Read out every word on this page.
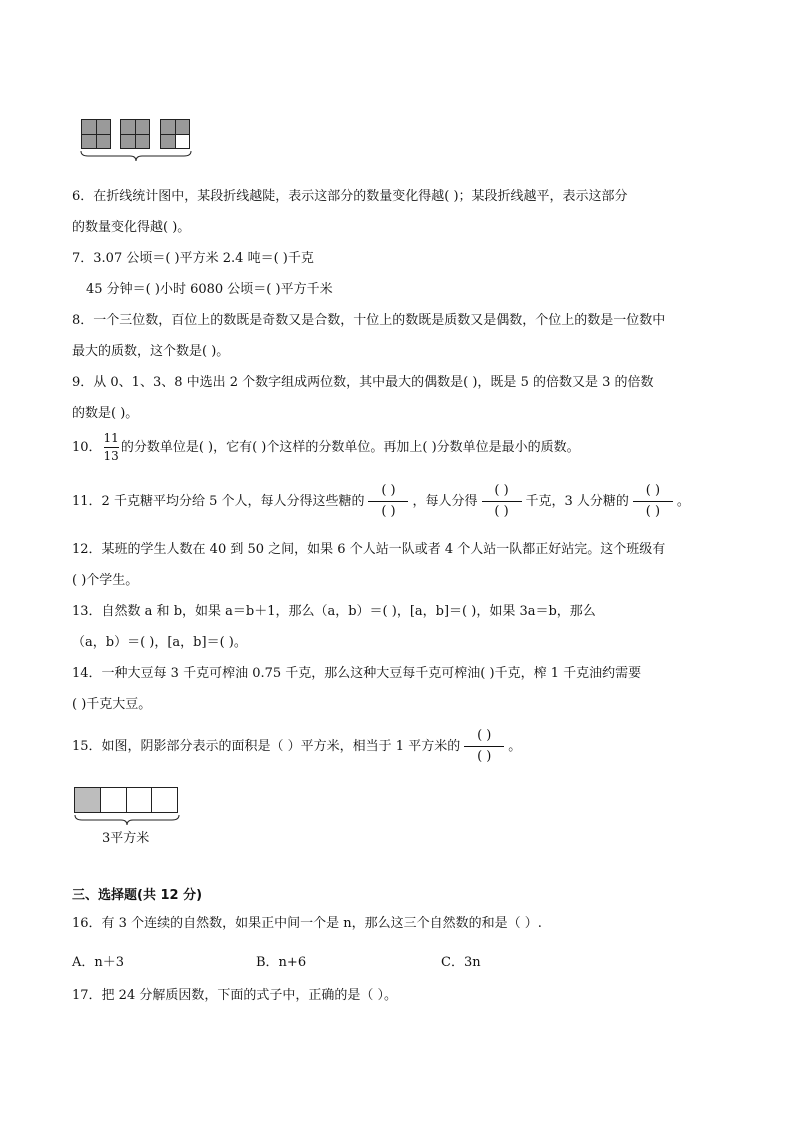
6．在折线统计图中，某段折线越陡，表示这部分的数量变化得越( )；某段折线越平，表示这部分
的数量变化得越( )。
7．3.07 公顷＝( )平方米 2.4 吨＝( )千克
45 分钟＝( )小时 6080 公顷＝( )平方千米
8．一个三位数，百位上的数既是奇数又是合数，十位上的数既是质数又是偶数，个位上的数是一位数中
最大的质数，这个数是( )。
9．从 0、1、3、8 中选出 2 个数字组成两位数，其中最大的偶数是( )，既是 5 的倍数又是 3 的倍数
的数是( )。
10． $\frac{11}{13}$ 的分数单位是( )，它有( )个这样的分数单位。再加上( )分数单位是最小的质数。
11．2 千克糖平均分给 5 个人，每人分得这些糖的 $\frac{( )}{( )}$ ，每人分得 $\frac{( )}{( )}$ 千克，3 人分糖的 $\frac{( )}{( )}$ 。
12．某班的学生人数在 40 到 50 之间，如果 6 个人站一队或者 4 个人站一队都正好站完。这个班级有
( )个学生。
13．自然数 a 和 b，如果 a＝b＋1，那么（a，b）＝( )，[a，b]＝( )，如果 3a＝b，那么
（a，b）＝( )，[a，b]＝( )。
14．一种大豆每 3 千克可榨油 0.75 千克，那么这种大豆每千克可榨油( )千克，榨 1 千克油约需要
( )千克大豆。
15．如图，阴影部分表示的面积是（ ）平方米，相当于 1 平方米的 $\frac{( )}{( )}$ 。
3平方米
三、选择题(共 12 分)
16．有 3 个连续的自然数，如果正中间一个是 n，那么这三个自然数的和是（ ）.
A．n＋3	B．n+6	C．3n
17．把 24 分解质因数，下面的式子中，正确的是（ ）。
